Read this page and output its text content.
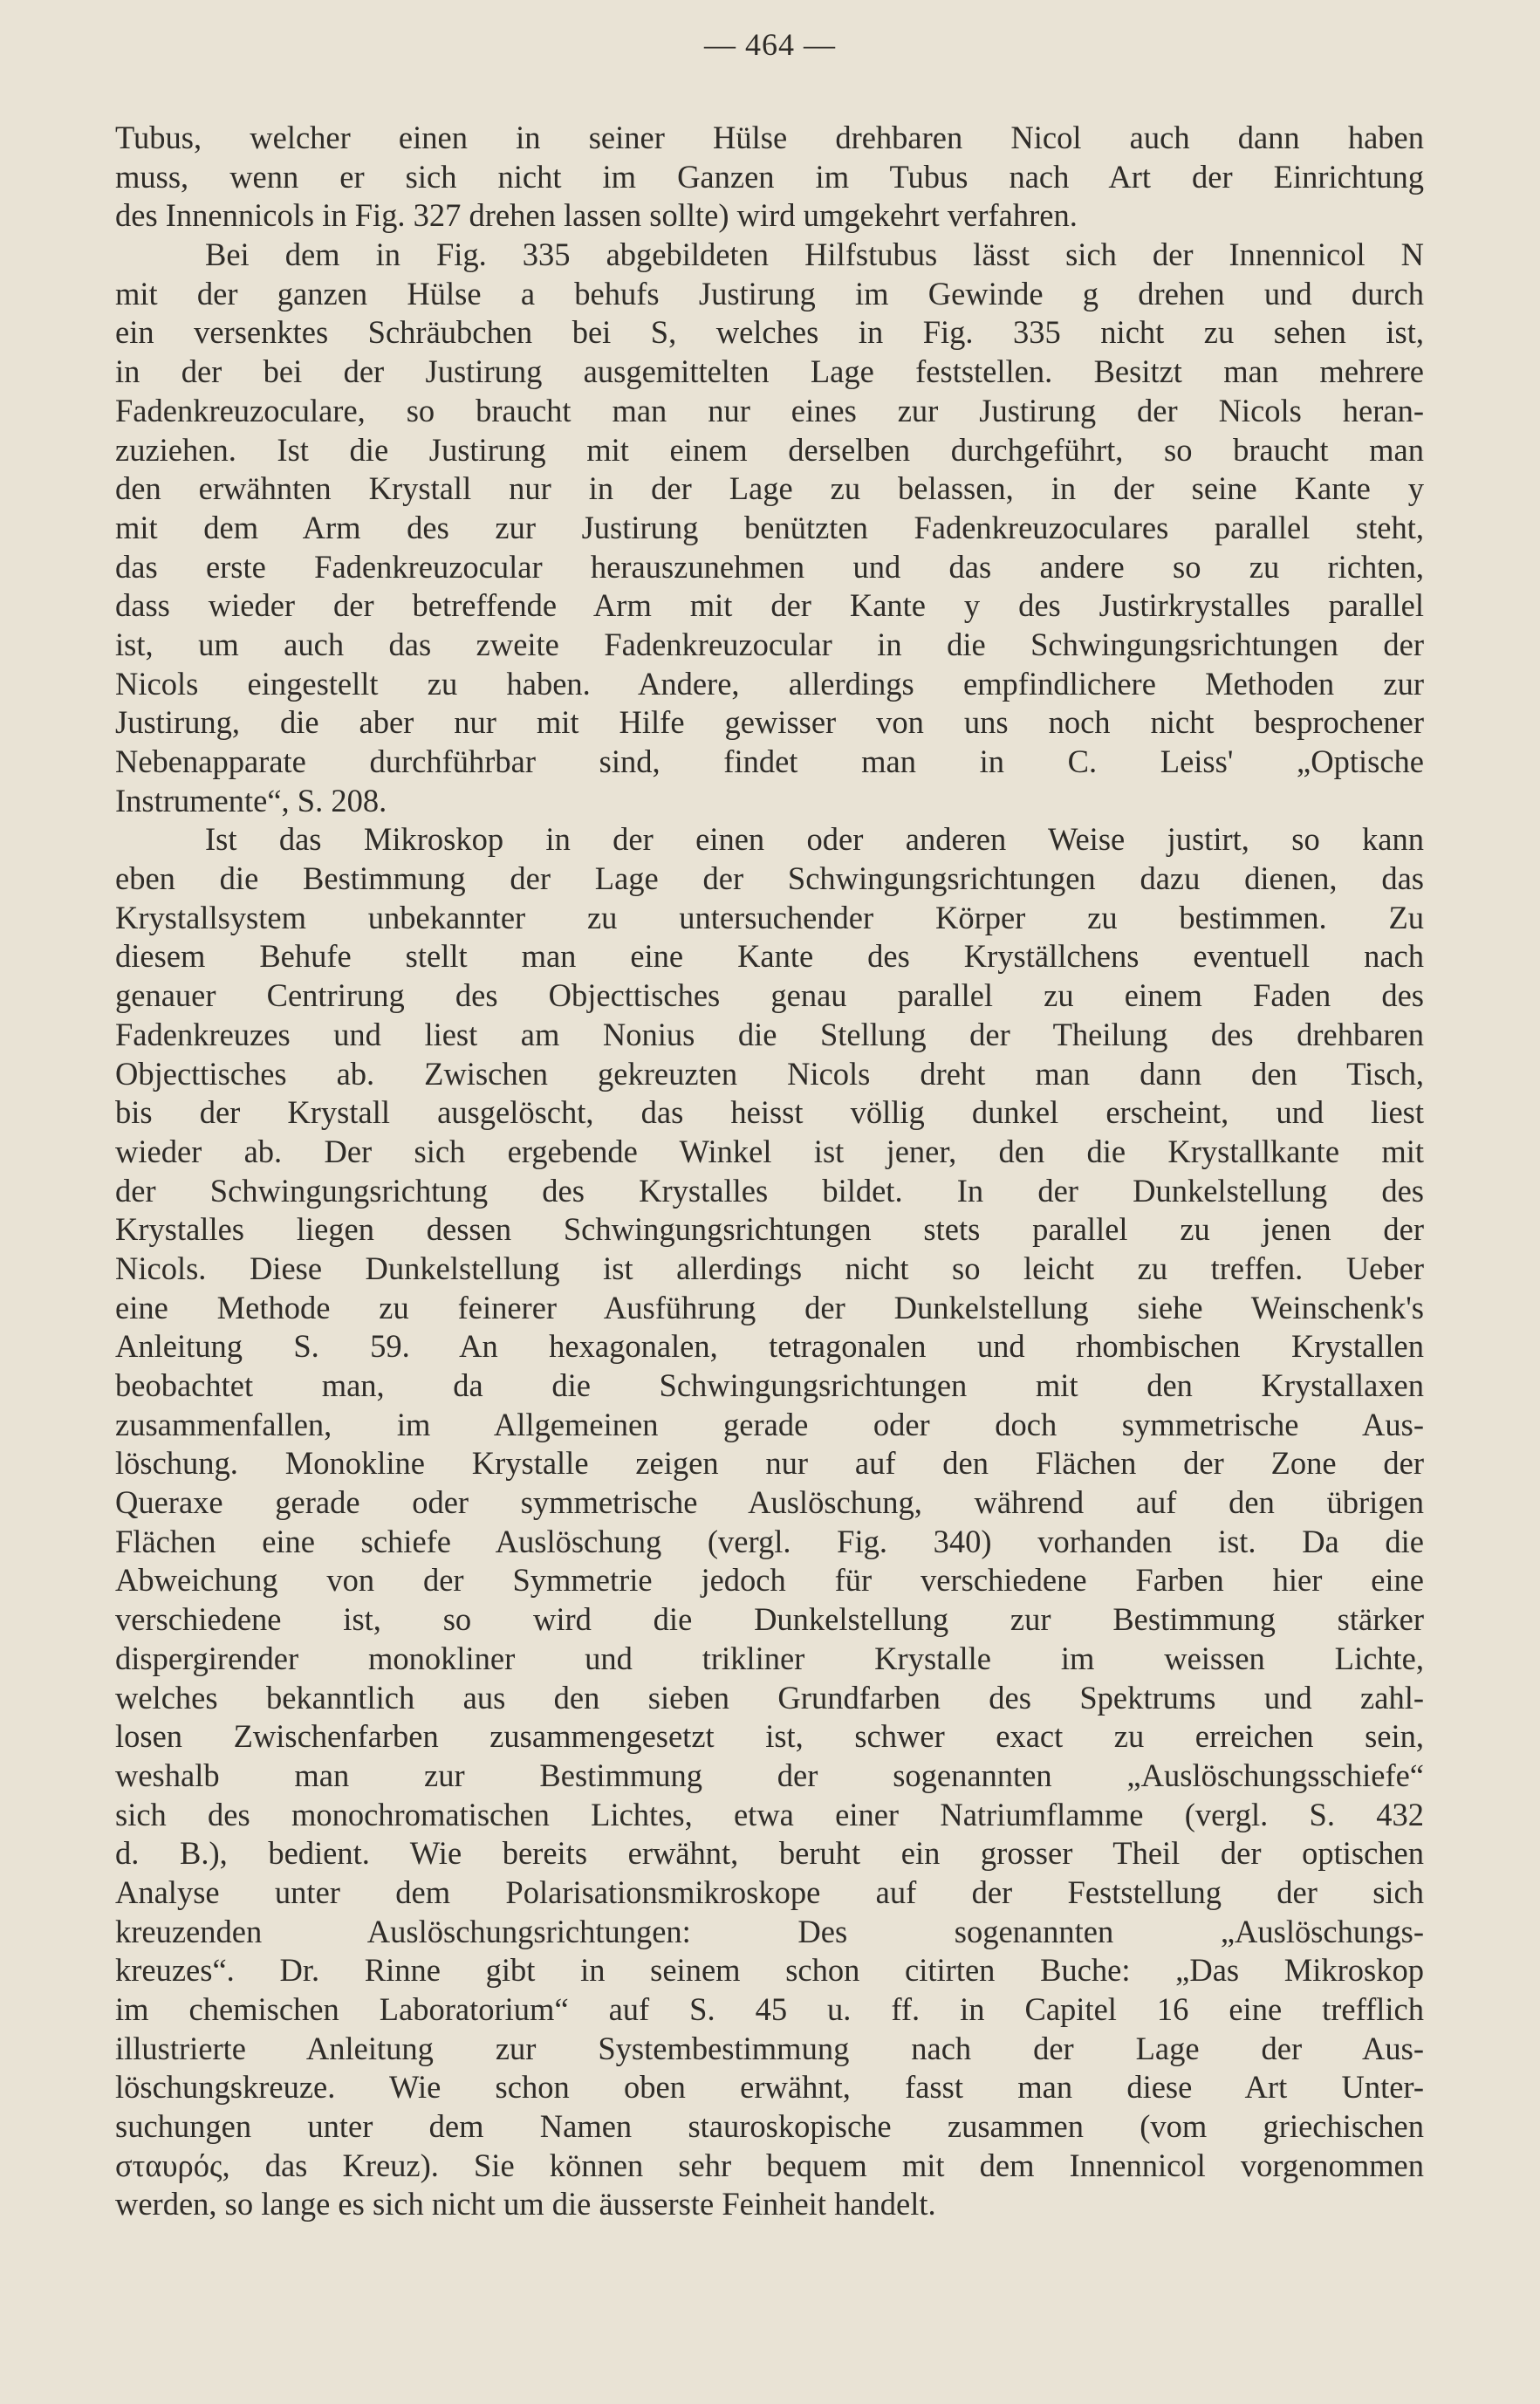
— 464 —
Tubus, welcher einen in seiner Hülse drehbaren Nicol auch dann haben
muss, wenn er sich nicht im Ganzen im Tubus nach Art der Einrichtung
des Innennicols in Fig. 327 drehen lassen sollte) wird umgekehrt verfahren.
Bei dem in Fig. 335 abgebildeten Hilfstubus lässt sich der Innennicol N
mit der ganzen Hülse a behufs Justirung im Gewinde g drehen und durch
ein versenktes Schräubchen bei S, welches in Fig. 335 nicht zu sehen ist,
in der bei der Justirung ausgemittelten Lage feststellen. Besitzt man mehrere
Fadenkreuzoculare, so braucht man nur eines zur Justirung der Nicols heran-
zuziehen. Ist die Justirung mit einem derselben durchgeführt, so braucht man
den erwähnten Krystall nur in der Lage zu belassen, in der seine Kante y
mit dem Arm des zur Justirung benützten Fadenkreuzoculares parallel steht,
das erste Fadenkreuzocular herauszunehmen und das andere so zu richten,
dass wieder der betreffende Arm mit der Kante y des Justirkrystalles parallel
ist, um auch das zweite Fadenkreuzocular in die Schwingungsrichtungen der
Nicols eingestellt zu haben. Andere, allerdings empfindlichere Methoden zur
Justirung, die aber nur mit Hilfe gewisser von uns noch nicht besprochener
Nebenapparate durchführbar sind, findet man in C. Leiss' „Optische
Instrumente“, S. 208.
Ist das Mikroskop in der einen oder anderen Weise justirt, so kann
eben die Bestimmung der Lage der Schwingungsrichtungen dazu dienen, das
Krystallsystem unbekannter zu untersuchender Körper zu bestimmen. Zu
diesem Behufe stellt man eine Kante des Kryställchens eventuell nach
genauer Centrirung des Objecttisches genau parallel zu einem Faden des
Fadenkreuzes und liest am Nonius die Stellung der Theilung des drehbaren
Objecttisches ab. Zwischen gekreuzten Nicols dreht man dann den Tisch,
bis der Krystall ausgelöscht, das heisst völlig dunkel erscheint, und liest
wieder ab. Der sich ergebende Winkel ist jener, den die Krystallkante mit
der Schwingungsrichtung des Krystalles bildet. In der Dunkelstellung des
Krystalles liegen dessen Schwingungsrichtungen stets parallel zu jenen der
Nicols. Diese Dunkelstellung ist allerdings nicht so leicht zu treffen. Ueber
eine Methode zu feinerer Ausführung der Dunkelstellung siehe Weinschenk's
Anleitung S. 59. An hexagonalen, tetragonalen und rhombischen Krystallen
beobachtet man, da die Schwingungsrichtungen mit den Krystallaxen
zusammenfallen, im Allgemeinen gerade oder doch symmetrische Aus-
löschung. Monokline Krystalle zeigen nur auf den Flächen der Zone der
Queraxe gerade oder symmetrische Auslöschung, während auf den übrigen
Flächen eine schiefe Auslöschung (vergl. Fig. 340) vorhanden ist. Da die
Abweichung von der Symmetrie jedoch für verschiedene Farben hier eine
verschiedene ist, so wird die Dunkelstellung zur Bestimmung stärker
dispergirender monokliner und trikliner Krystalle im weissen Lichte,
welches bekanntlich aus den sieben Grundfarben des Spektrums und zahl-
losen Zwischenfarben zusammengesetzt ist, schwer exact zu erreichen sein,
weshalb man zur Bestimmung der sogenannten „Auslöschungsschiefe“
sich des monochromatischen Lichtes, etwa einer Natriumflamme (vergl. S. 432
d. B.), bedient. Wie bereits erwähnt, beruht ein grosser Theil der optischen
Analyse unter dem Polarisationsmikroskope auf der Feststellung der sich
kreuzenden Auslöschungsrichtungen: Des sogenannten „Auslöschungs-
kreuzes“. Dr. Rinne gibt in seinem schon citirten Buche: „Das Mikroskop
im chemischen Laboratorium“ auf S. 45 u. ff. in Capitel 16 eine trefflich
illustrierte Anleitung zur Systembestimmung nach der Lage der Aus-
löschungskreuze. Wie schon oben erwähnt, fasst man diese Art Unter-
suchungen unter dem Namen stauroskopische zusammen (vom griechischen
σταυρός, das Kreuz). Sie können sehr bequem mit dem Innennicol vorgenommen
werden, so lange es sich nicht um die äusserste Feinheit handelt.
